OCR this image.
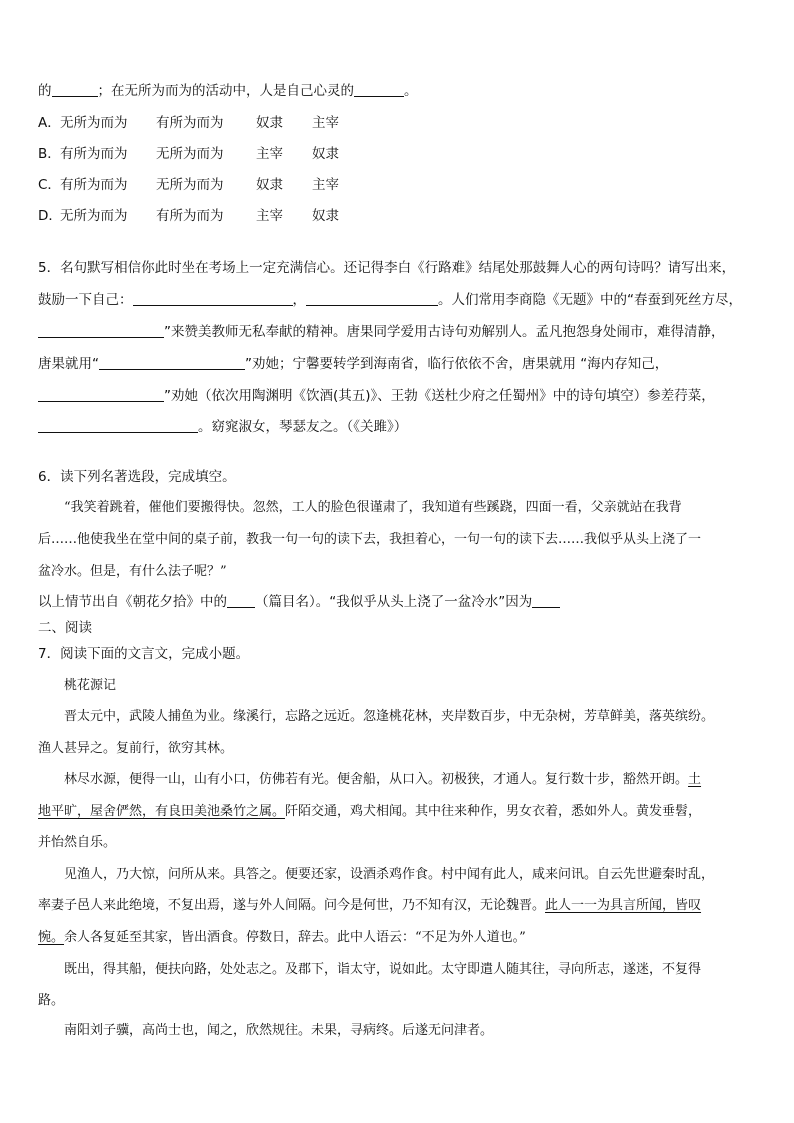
的	；在无所为而为的活动中，人是自己心灵的	。
A．无所为而为 有所为而为 奴隶 主宰
B．有所为而为 无所为而为 主宰 奴隶
C．有所为而为 无所为而为 奴隶 主宰
D．无所为而为 有所为而为 主宰 奴隶
5．名句默写相信你此时坐在考场上一定充满信心。还记得李白《行路难》结尾处那鼓舞人心的两句诗吗？请写出来，
鼓励一下自己：	，	。人们常用李商隐《无题》中的“春蚕到死丝方尽，
”来赞美教师无私奉献的精神。唐果同学爱用古诗句劝解别人。孟凡抱怨身处闹市，难得清静，
唐果就用“	”劝她；宁馨要转学到海南省，临行依依不舍，唐果就用 “海内存知己，
”劝她（依次用陶渊明《饮酒(其五)》、王勃《送杜少府之任蜀州》中的诗句填空）参差荇菜，
。窈窕淑女，琴瑟友之。（《关雎》）
6．读下列名著选段，完成填空。
“我笑着跳着，催他们要搬得快。忽然，工人的脸色很谨肃了，我知道有些蹊跷，四面一看，父亲就站在我背
后……他使我坐在堂中间的桌子前，教我一句一句的读下去，我担着心，一句一句的读下去……我似乎从头上浇了一
盆冷水。但是，有什么法子呢？”
以上情节出自《朝花夕拾》中的 （篇目名）。“我似乎从头上浇了一盆冷水”因为
二、阅读
7．阅读下面的文言文，完成小题。
桃花源记
晋太元中，武陵人捕鱼为业。缘溪行，忘路之远近。忽逢桃花林，夹岸数百步，中无杂树，芳草鲜美，落英缤纷。
渔人甚异之。复前行，欲穷其林。
林尽水源，便得一山，山有小口，仿佛若有光。便舍船，从口入。初极狭，才通人。复行数十步，豁然开朗。土
地平旷，屋舍俨然，有良田美池桑竹之属。阡陌交通，鸡犬相闻。其中往来种作，男女衣着，悉如外人。黄发垂髫，
并怡然自乐。
见渔人，乃大惊，问所从来。具答之。便要还家，设酒杀鸡作食。村中闻有此人，咸来问讯。自云先世避秦时乱，
率妻子邑人来此绝境，不复出焉，遂与外人间隔。问今是何世，乃不知有汉，无论魏晋。此人一一为具言所闻，皆叹
惋。余人各复延至其家，皆出酒食。停数日，辞去。此中人语云：“不足为外人道也。”
既出，得其船，便扶向路，处处志之。及郡下，诣太守，说如此。太守即遣人随其往，寻向所志，遂迷，不复得
路。
南阳刘子骥，高尚士也，闻之，欣然规往。未果，寻病终。后遂无问津者。
